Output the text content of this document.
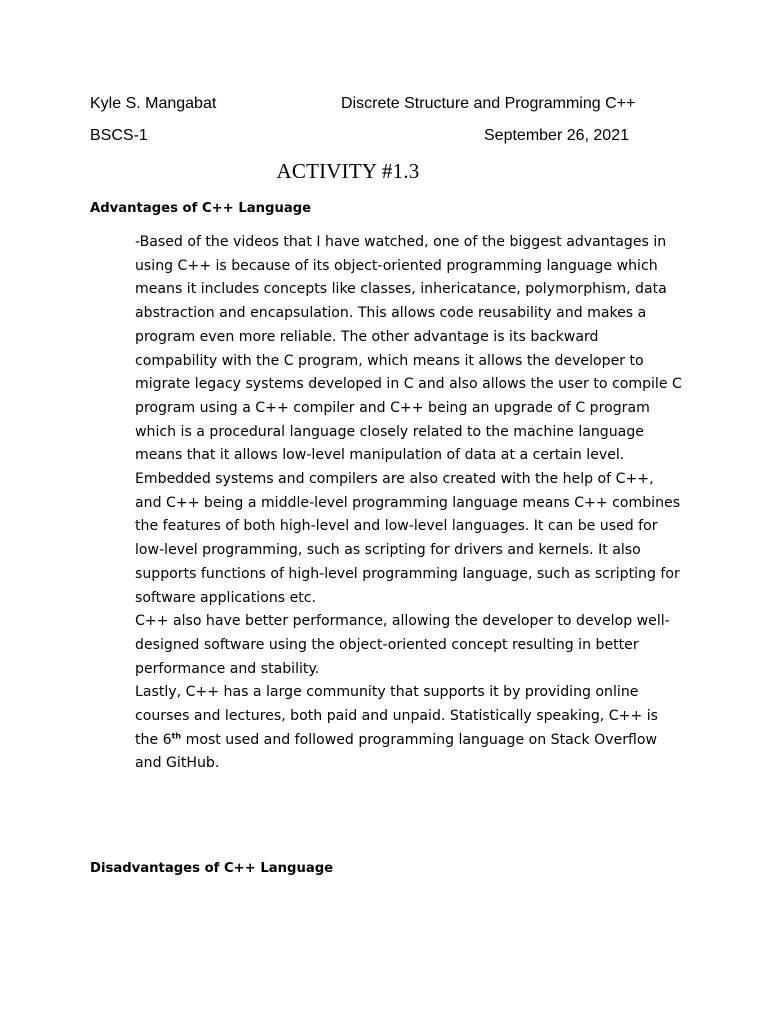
Kyle S. Mangabat	Discrete Structure and Programming C++
BSCS-1	September 26, 2021
ACTIVITY #1.3
Advantages of C++ Language

-Based of the videos that I have watched, one of the biggest advantages in using C++ is because of its object-oriented programming language which means it includes concepts like classes, inhericatance, polymorphism, data abstraction and encapsulation. This allows code reusability and makes a program even more reliable. The other advantage is its backward compability with the C program, which means it allows the developer to migrate legacy systems developed in C and also allows the user to compile C program using a C++ compiler and C++ being an upgrade of C program which is a procedural language closely related to the machine language means that it allows low-level manipulation of data at a certain level. Embedded systems and compilers are also created with the help of C++, and C++ being a middle-level programming language means C++ combines the features of both high-level and low-level languages. It can be used for low-level programming, such as scripting for drivers and kernels. It also supports functions of high-level programming language, such as scripting for software applications etc.

C++ also have better performance, allowing the developer to develop well-designed software using the object-oriented concept resulting in better performance and stability.

Lastly, C++ has a large community that supports it by providing online courses and lectures, both paid and unpaid. Statistically speaking, C++ is the 6th most used and followed programming language on Stack Overflow and GitHub.

Disadvantages of C++ Language
